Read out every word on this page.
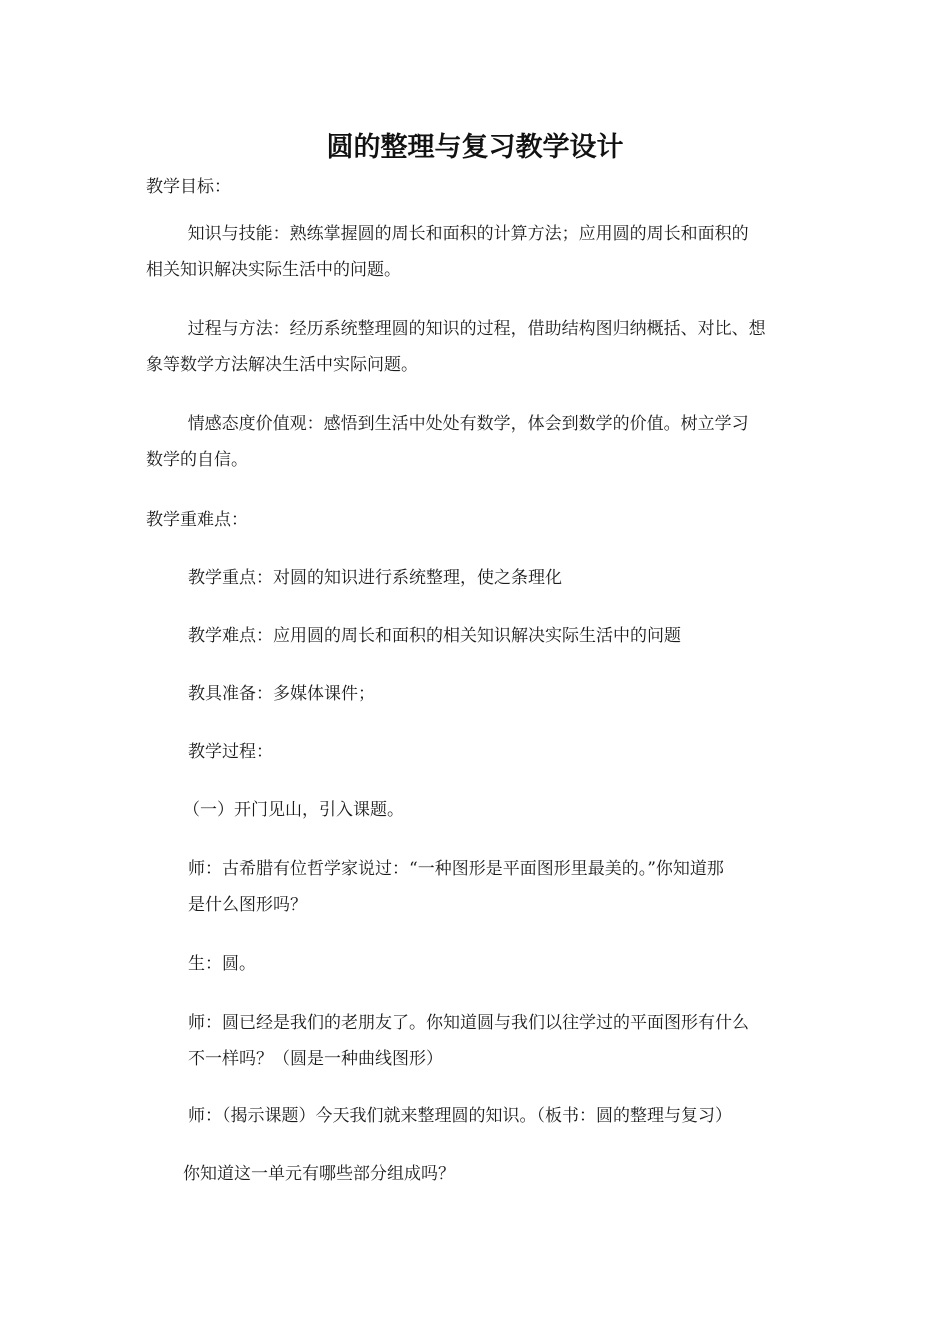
圆的整理与复习教学设计
教学目标：
知识与技能：熟练掌握圆的周长和面积的计算方法；应用圆的周长和面积的
相关知识解决实际生活中的问题。
过程与方法：经历系统整理圆的知识的过程，借助结构图归纳概括、对比、想
象等数学方法解决生活中实际问题。
情感态度价值观：感悟到生活中处处有数学，体会到数学的价值。树立学习
数学的自信。
教学重难点：
教学重点：对圆的知识进行系统整理，使之条理化
教学难点：应用圆的周长和面积的相关知识解决实际生活中的问题
教具准备：多媒体课件；
教学过程：
（一）开门见山，引入课题。
师：古希腊有位哲学家说过：“一种图形是平面图形里最美的。”你知道那
是什么图形吗？
生：圆。
师：圆已经是我们的老朋友了。你知道圆与我们以往学过的平面图形有什么
不一样吗？（圆是一种曲线图形）
师：（揭示课题）今天我们就来整理圆的知识。（板书：圆的整理与复习）
你知道这一单元有哪些部分组成吗？
